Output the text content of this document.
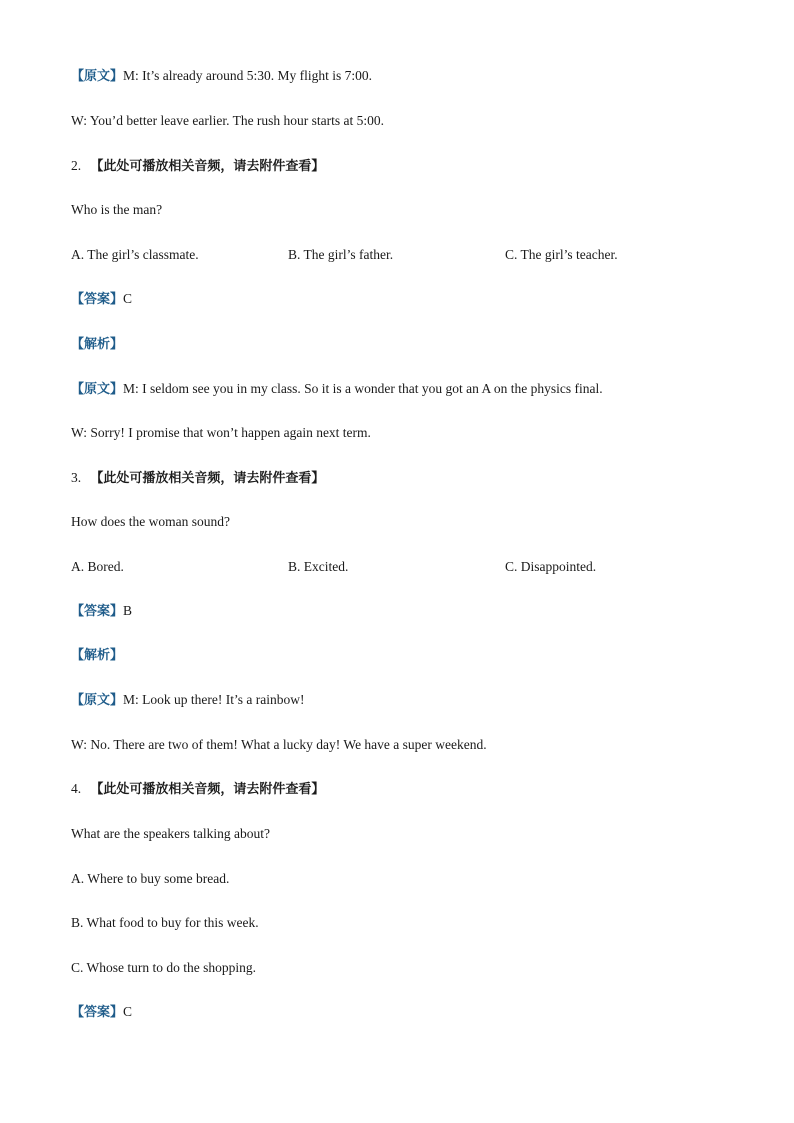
【原文】M: It’s already around 5:30. My flight is 7:00.
W: You’d better leave earlier. The rush hour starts at 5:00.
2. 【此处可播放相关音频，请去附件查看】
Who is the man?
A. The girl’s classmate.	B. The girl’s father.	C. The girl’s teacher.
【答案】C
【解析】
【原文】M: I seldom see you in my class. So it is a wonder that you got an A on the physics final.
W: Sorry! I promise that won’t happen again next term.
3. 【此处可播放相关音频，请去附件查看】
How does the woman sound?
A. Bored.	B. Excited.	C. Disappointed.
【答案】B
【解析】
【原文】M: Look up there! It’s a rainbow!
W: No. There are two of them! What a lucky day! We have a super weekend.
4. 【此处可播放相关音频，请去附件查看】
What are the speakers talking about?
A. Where to buy some bread.
B. What food to buy for this week.
C. Whose turn to do the shopping.
【答案】C
